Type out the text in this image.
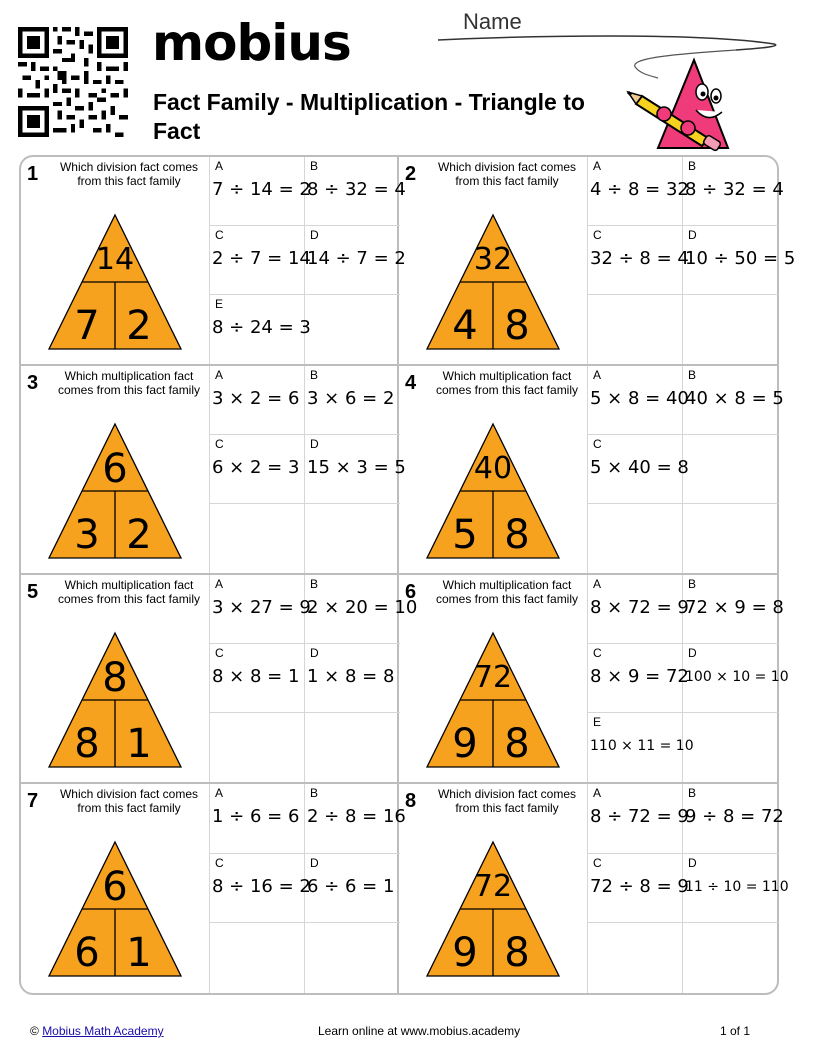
mobius
Fact Family - Multiplication - Triangle to Fact
Name
1 Which division fact comes from this fact family
14
7 2
A
7 ÷ 14 = 2
B
8 ÷ 32 = 4
C
2 ÷ 7 = 14
D
14 ÷ 7 = 2
E
8 ÷ 24 = 3
2 Which division fact comes from this fact family
32
4 8
A
4 ÷ 8 = 32
B
8 ÷ 32 = 4
C
32 ÷ 8 = 4
D
10 ÷ 50 = 5
3	Which multiplication fact comes from this fact family
6
3 2
A
3 × 2 = 6
B
3 × 6 = 2
C
6 × 2 = 3
D
15 × 3 = 5
4	Which multiplication fact comes from this fact family
40
5 8
A
5 × 8 = 40
B
40 × 8 = 5
C
5 × 40 = 8
5	Which multiplication fact comes from this fact family
8
8 1
A
3 × 27 = 9
B
2 × 20 = 10
C
8 × 8 = 1
D
1 × 8 = 8
6	Which multiplication fact comes from this fact family
72
9 8
A
8 × 72 = 9
B
72 × 9 = 8
C
8 × 9 = 72
D
100 × 10 = 10
E
110 × 11 = 10
7 Which division fact comes from this fact family
6
6 1
A
1 ÷ 6 = 6
B
2 ÷ 8 = 16
C
8 ÷ 16 = 2
D
6 ÷ 6 = 1
8 Which division fact comes from this fact family
72
9 8
A
8 ÷ 72 = 9
B
9 ÷ 8 = 72
C
72 ÷ 8 = 9
D
11 ÷ 10 = 110
© Mobius Math Academy	Learn online at www.mobius.academy	1 of 1
